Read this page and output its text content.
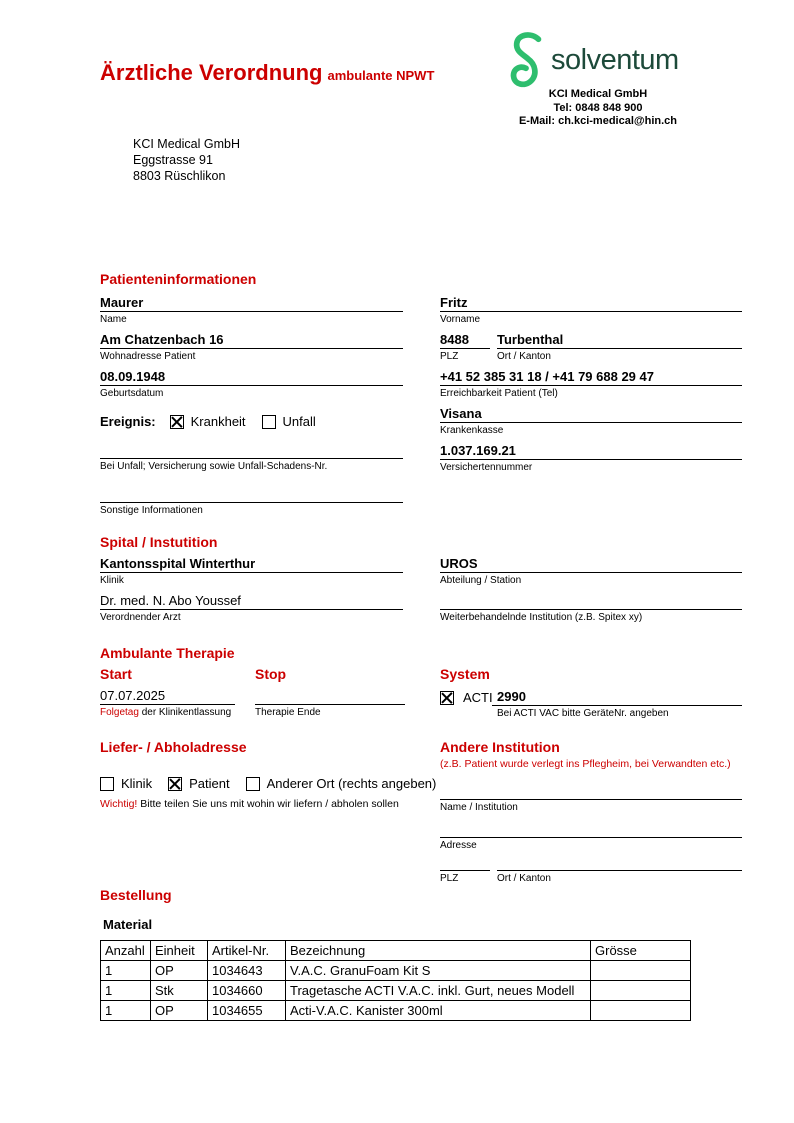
Ärztliche Verordnung ambulante NPWT	solventum
KCI Medical GmbH
Tel: 0848 848 900
E-Mail: ch.kci-medical@hin.ch
KCI Medical GmbH
Eggstrasse 91
8803 Rüschlikon
Patienteninformationen
Maurer
Name
Am Chatzenbach 16
Wohnadresse Patient
08.09.1948
Geburtsdatum
Ereignis:	Krankheit	Unfall
Bei Unfall; Versicherung sowie Unfall-Schadens-Nr.
Sonstige Informationen
Fritz
Vorname
8488
PLZ
Turbenthal
Ort / Kanton
+41 52 385 31 18 / +41 79 688 29 47
Erreichbarkeit Patient (Tel)
Visana
Krankenkasse
1.037.169.21
Versichertennummer
Spital / Instutition
Kantonsspital Winterthur
Klinik
Dr. med. N. Abo Youssef
Verordnender Arzt
UROS
Abteilung / Station
Weiterbehandelnde Institution (z.B. Spitex xy)
Ambulante Therapie
Start	Stop	System
07.07.2025
Folgetag der Klinikentlassung	Therapie Ende
ACTI 2990
Bei ACTI VAC bitte GeräteNr. angeben
Liefer- / Abholadresse
Klinik	Patient	Anderer Ort (rechts angeben)
Wichtig! Bitte teilen Sie uns mit wohin wir liefern / abholen sollen
Andere Institution
(z.B. Patient wurde verlegt ins Pflegheim, bei Verwandten etc.)
Name / Institution
Adresse
PLZ	Ort / Kanton
Bestellung
Material
Anzahl	Einheit	Artikel-Nr.	Bezeichnung	Grösse
1	OP	1034643	V.A.C. GranuFoam Kit S	
1	Stk	1034660	Tragetasche ACTI V.A.C. inkl. Gurt, neues Modell	
1	OP	1034655	Acti-V.A.C. Kanister 300ml	
